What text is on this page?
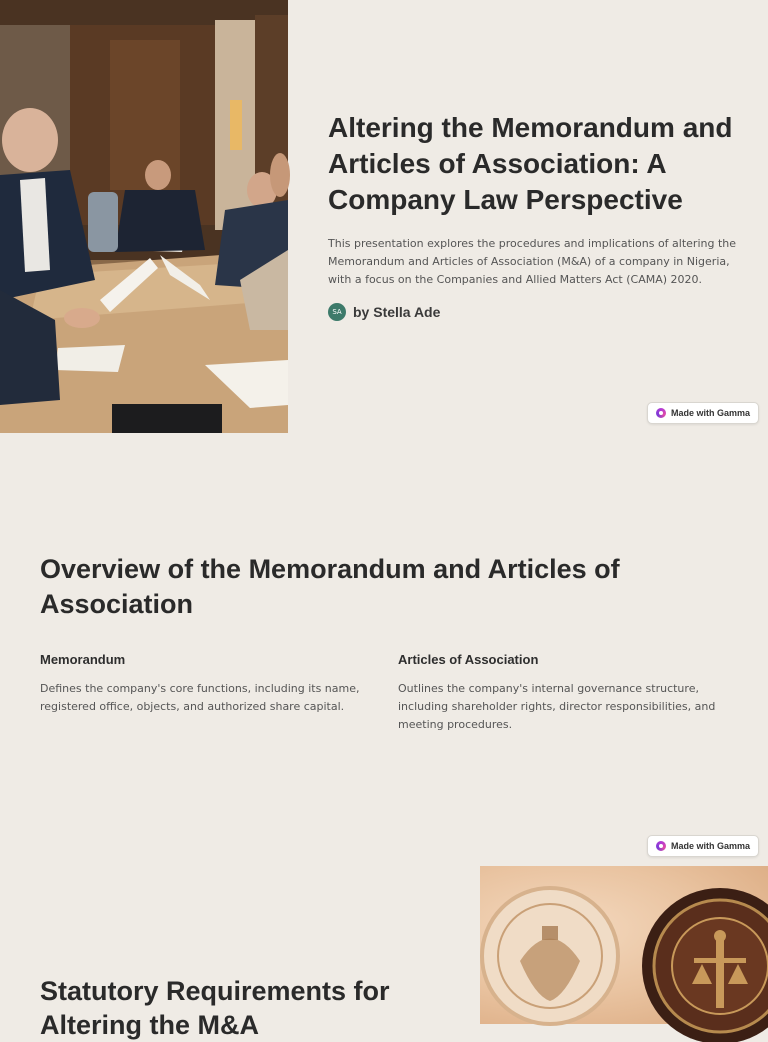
Altering the Memorandum and Articles of Association: A Company Law Perspective

This presentation explores the procedures and implications of altering the Memorandum and Articles of Association (M&A) of a company in Nigeria, with a focus on the Companies and Allied Matters Act (CAMA) 2020.

SA by Stella Ade
Made with Gamma
Overview of the Memorandum and Articles of Association
Memorandum

Defines the company's core functions, including its name, registered office, objects, and authorized share capital.

Articles of Association

Outlines the company's internal governance structure, including shareholder rights, director responsibilities, and meeting procedures.

Made with Gamma
Statutory Requirements for Altering the M&A
